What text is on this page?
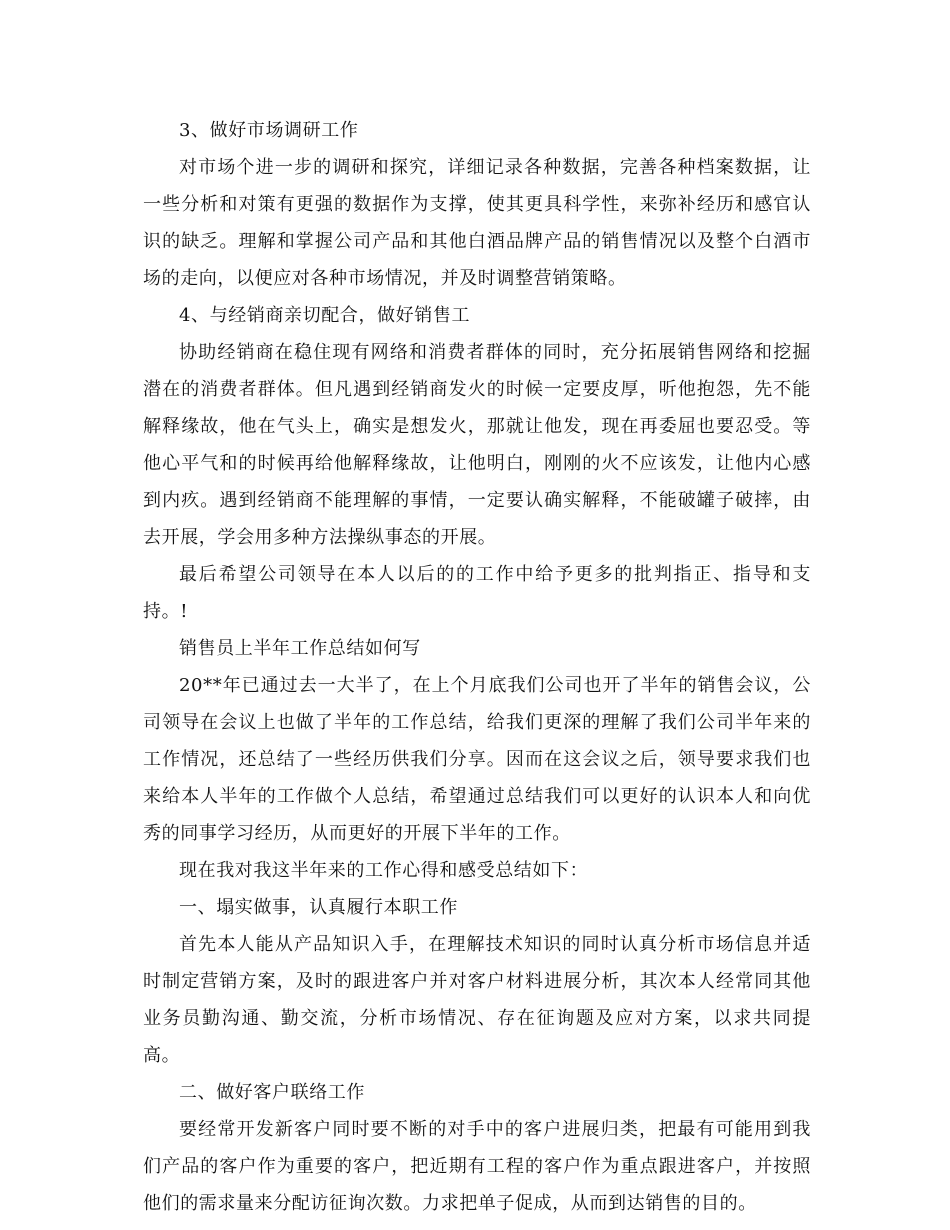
3、做好市场调研工作

对市场个进一步的调研和探究，详细记录各种数据，完善各种档案数据，让一些分析和对策有更强的数据作为支撑，使其更具科学性，来弥补经历和感官认识的缺乏。理解和掌握公司产品和其他白酒品牌产品的销售情况以及整个白酒市场的走向，以便应对各种市场情况，并及时调整营销策略。

4、与经销商亲切配合，做好销售工

协助经销商在稳住现有网络和消费者群体的同时，充分拓展销售网络和挖掘潜在的消费者群体。但凡遇到经销商发火的时候一定要皮厚，听他抱怨，先不能解释缘故，他在气头上，确实是想发火，那就让他发，现在再委屈也要忍受。等他心平气和的时候再给他解释缘故，让他明白，刚刚的火不应该发，让他内心感到内疚。遇到经销商不能理解的事情，一定要认确实解释，不能破罐子破摔，由去开展，学会用多种方法操纵事态的开展。

最后希望公司领导在本人以后的的工作中给予更多的批判指正、指导和支持。!

销售员上半年工作总结如何写

20**年已通过去一大半了，在上个月底我们公司也开了半年的销售会议，公司领导在会议上也做了半年的工作总结，给我们更深的理解了我们公司半年来的工作情况，还总结了一些经历供我们分享。因而在这会议之后，领导要求我们也来给本人半年的工作做个人总结，希望通过总结我们可以更好的认识本人和向优秀的同事学习经历，从而更好的开展下半年的工作。

现在我对我这半年来的工作心得和感受总结如下：

一、塌实做事，认真履行本职工作

首先本人能从产品知识入手，在理解技术知识的同时认真分析市场信息并适时制定营销方案，及时的跟进客户并对客户材料进展分析，其次本人经常同其他业务员勤沟通、勤交流，分析市场情况、存在征询题及应对方案，以求共同提高。

二、做好客户联络工作

要经常开发新客户同时要不断的对手中的客户进展归类，把最有可能用到我们产品的客户作为重要的客户，把近期有工程的客户作为重点跟进客户，并按照他们的需求量来分配访征询次数。力求把单子促成，从而到达销售的目的。
